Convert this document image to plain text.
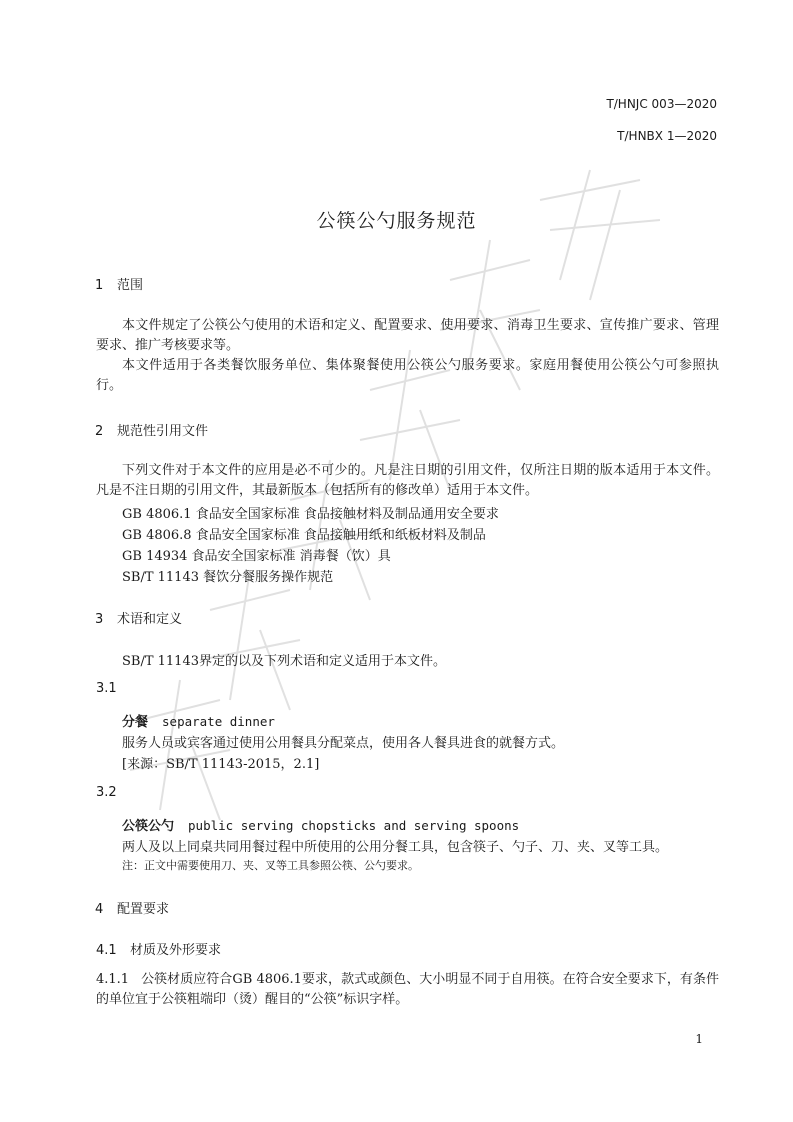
T/HNJC 003—2020
T/HNBX 1—2020
公筷公勺服务规范
1 范围
本文件规定了公筷公勺使用的术语和定义、配置要求、使用要求、消毒卫生要求、宣传推广要求、管理要求、推广考核要求等。
本文件适用于各类餐饮服务单位、集体聚餐使用公筷公勺服务要求。家庭用餐使用公筷公勺可参照执行。
2 规范性引用文件
下列文件对于本文件的应用是必不可少的。凡是注日期的引用文件，仅所注日期的版本适用于本文件。凡是不注日期的引用文件，其最新版本（包括所有的修改单）适用于本文件。
GB 4806.1 食品安全国家标准 食品接触材料及制品通用安全要求
GB 4806.8 食品安全国家标准 食品接触用纸和纸板材料及制品
GB 14934 食品安全国家标准 消毒餐（饮）具
SB/T 11143 餐饮分餐服务操作规范
3 术语和定义
SB/T 11143界定的以及下列术语和定义适用于本文件。
3.1
分餐 separate dinner
服务人员或宾客通过使用公用餐具分配菜点，使用各人餐具进食的就餐方式。
[来源：SB/T 11143-2015，2.1]
3.2
公筷公勺 public serving chopsticks and serving spoons
两人及以上同桌共同用餐过程中所使用的公用分餐工具，包含筷子、勺子、刀、夹、叉等工具。
注：正文中需要使用刀、夹、叉等工具参照公筷、公勺要求。
4 配置要求
4.1 材质及外形要求
4.1.1 公筷材质应符合GB 4806.1要求，款式或颜色、大小明显不同于自用筷。在符合安全要求下，有条件的单位宜于公筷粗端印（烫）醒目的“公筷”标识字样。
1
